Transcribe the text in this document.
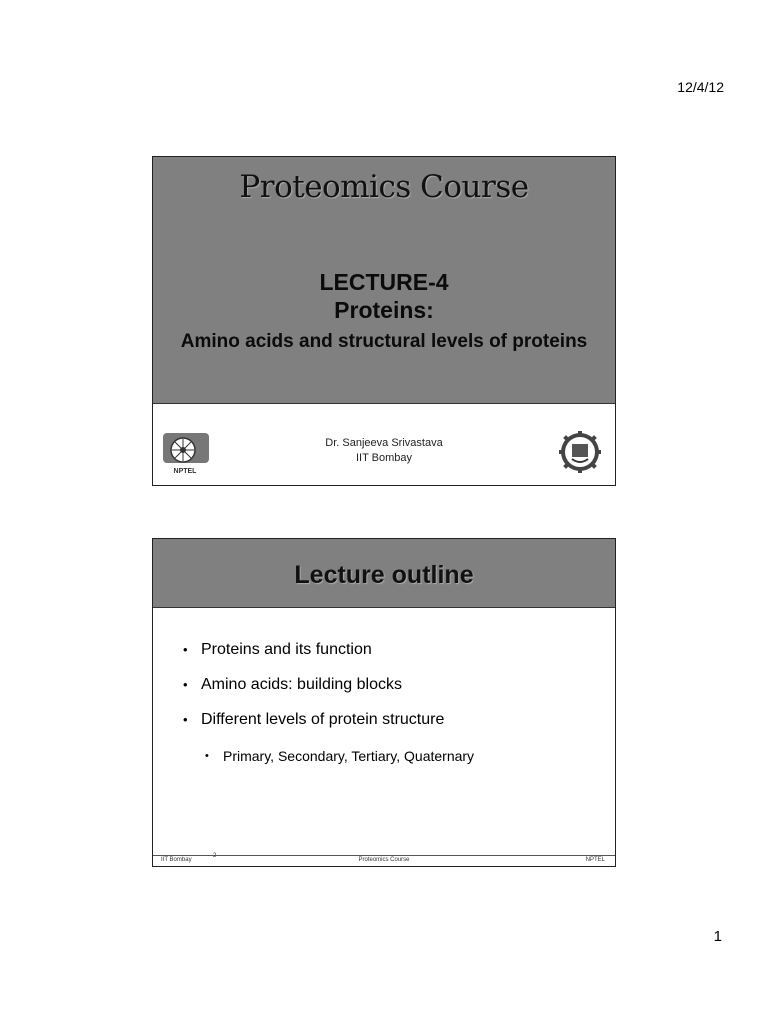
12/4/12
Proteomics Course
LECTURE-4
Proteins:
Amino acids and structural levels of proteins
NPTEL
Dr. Sanjeeva Srivastava
IIT Bombay
Lecture outline
• Proteins and its function
• Amino acids: building blocks
• Different levels of protein structure
• Primary, Secondary, Tertiary, Quaternary
IIT Bombay
2
Proteomics Course	NPTEL
1
